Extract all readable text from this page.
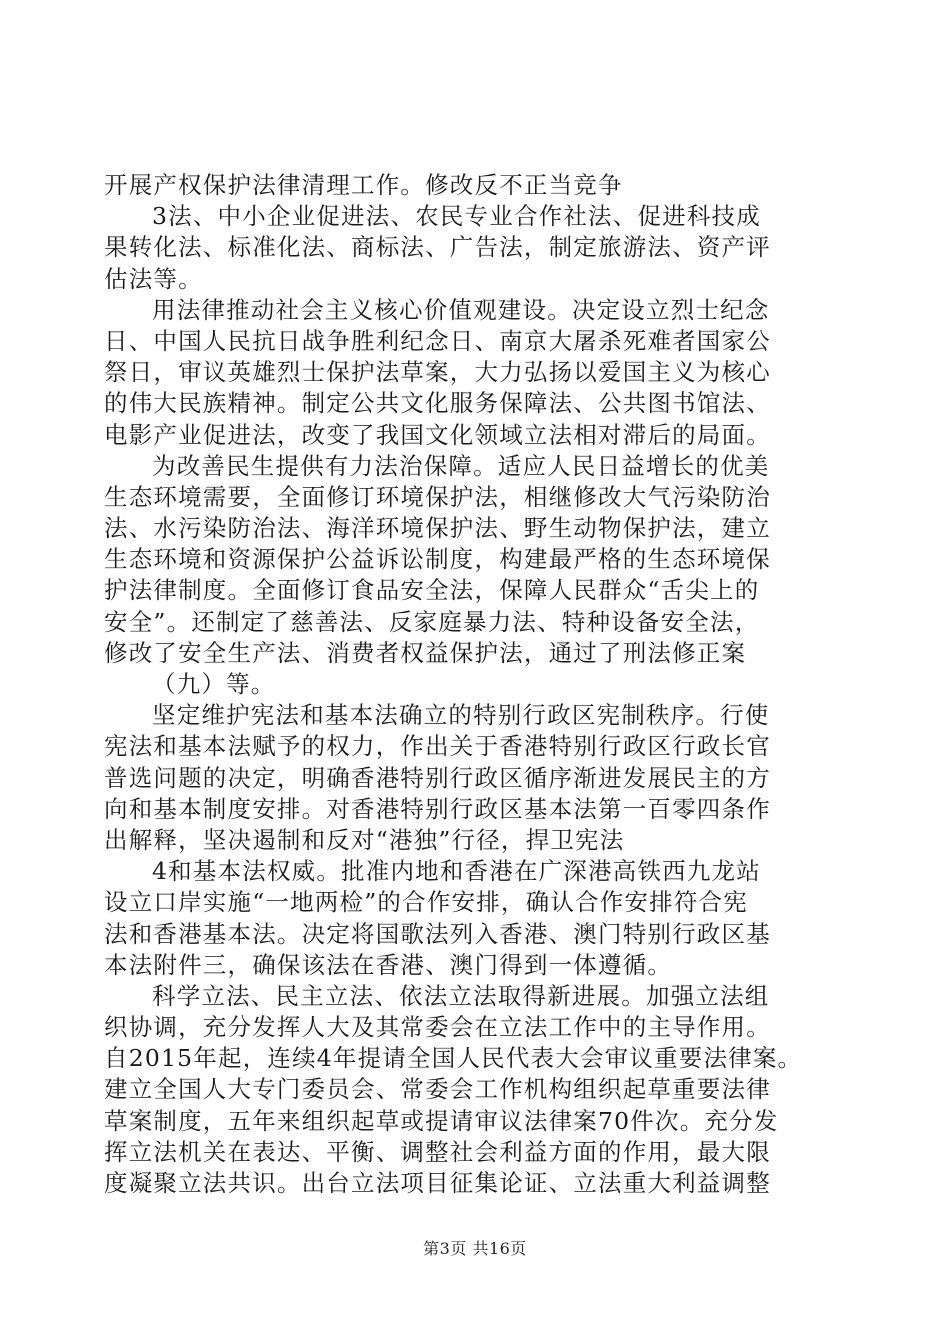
开展产权保护法律清理工作。修改反不正当竞争
3法、中小企业促进法、农民专业合作社法、促进科技成
果转化法、标准化法、商标法、广告法，制定旅游法、资产评
估法等。
用法律推动社会主义核心价值观建设。决定设立烈士纪念
日、中国人民抗日战争胜利纪念日、南京大屠杀死难者国家公
祭日，审议英雄烈士保护法草案，大力弘扬以爱国主义为核心
的伟大民族精神。制定公共文化服务保障法、公共图书馆法、
电影产业促进法，改变了我国文化领域立法相对滞后的局面。
为改善民生提供有力法治保障。适应人民日益增长的优美
生态环境需要，全面修订环境保护法，相继修改大气污染防治
法、水污染防治法、海洋环境保护法、野生动物保护法，建立
生态环境和资源保护公益诉讼制度，构建最严格的生态环境保
护法律制度。全面修订食品安全法，保障人民群众“舌尖上的
安全”。还制定了慈善法、反家庭暴力法、特种设备安全法，
修改了安全生产法、消费者权益保护法，通过了刑法修正案
（九）等。
坚定维护宪法和基本法确立的特别行政区宪制秩序。行使
宪法和基本法赋予的权力，作出关于香港特别行政区行政长官
普选问题的决定，明确香港特别行政区循序渐进发展民主的方
向和基本制度安排。对香港特别行政区基本法第一百零四条作
出解释，坚决遏制和反对“港独”行径，捍卫宪法
4和基本法权威。批准内地和香港在广深港高铁西九龙站
设立口岸实施“一地两检”的合作安排，确认合作安排符合宪
法和香港基本法。决定将国歌法列入香港、澳门特别行政区基
本法附件三，确保该法在香港、澳门得到一体遵循。
科学立法、民主立法、依法立法取得新进展。加强立法组
织协调，充分发挥人大及其常委会在立法工作中的主导作用。
自2015年起，连续4年提请全国人民代表大会审议重要法律案。
建立全国人大专门委员会、常委会工作机构组织起草重要法律
草案制度，五年来组织起草或提请审议法律案70件次。充分发
挥立法机关在表达、平衡、调整社会利益方面的作用，最大限
度凝聚立法共识。出台立法项目征集论证、立法重大利益调整
第3页 共16页
